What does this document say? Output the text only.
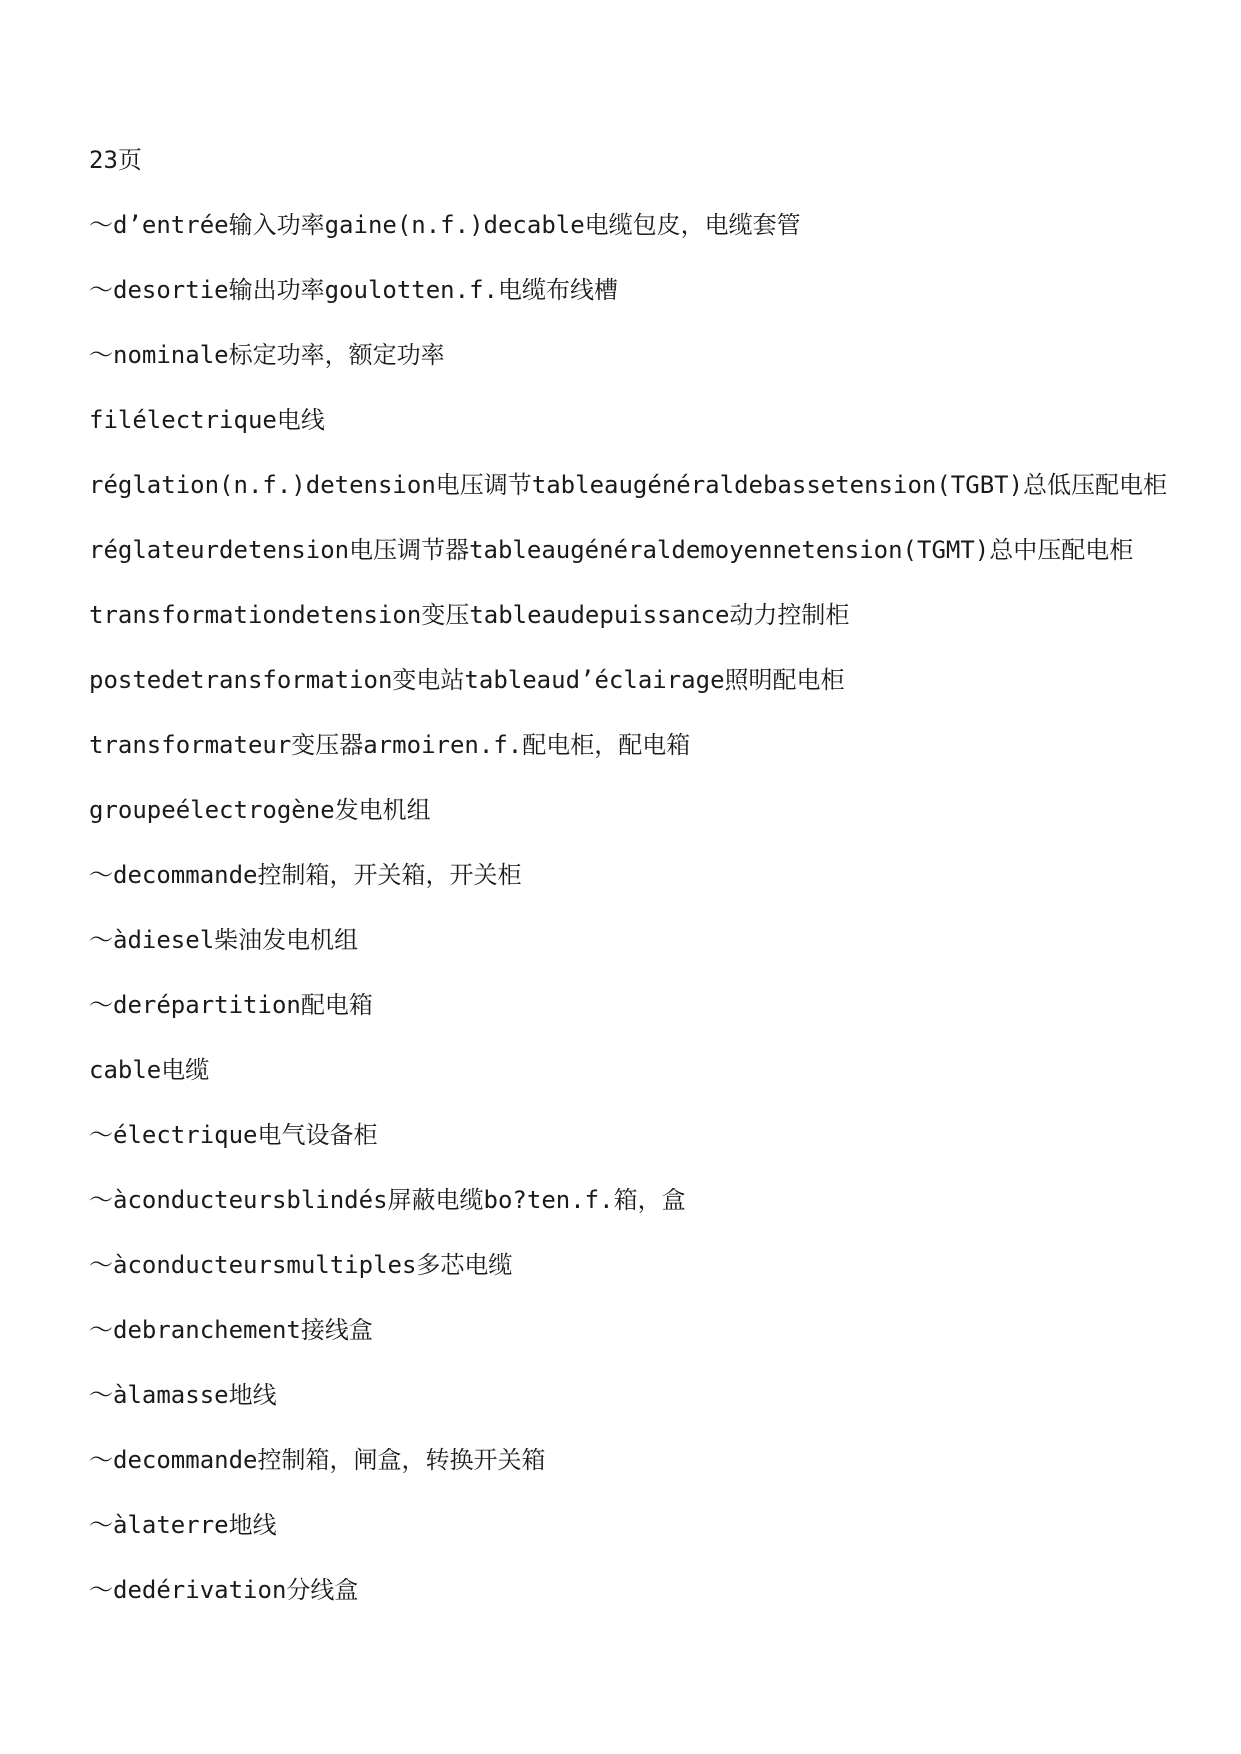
23页
～d’entrée输入功率gaine(n.f.)decable电缆包皮，电缆套管
～desortie输出功率goulotten.f.电缆布线槽
～nominale标定功率，额定功率
filélectrique电线
réglation(n.f.)detension电压调节tableaugénéraldebassetension(TGBT)总低压配电柜
réglateurdetension电压调节器tableaugénéraldemoyennetension(TGMT)总中压配电柜
transformationdetension变压tableaudepuissance动力控制柜
postedetransformation变电站tableaud’éclairage照明配电柜
transformateur变压器armoiren.f.配电柜，配电箱
groupeélectrogène发电机组
～decommande控制箱，开关箱，开关柜
～àdiesel柴油发电机组
～derépartition配电箱
cable电缆
～électrique电气设备柜
～àconducteursblindés屏蔽电缆bo?ten.f.箱，盒
～àconducteursmultiples多芯电缆
～debranchement接线盒
～àlamasse地线
～decommande控制箱，闸盒，转换开关箱
～àlaterre地线
～dedérivation分线盒
